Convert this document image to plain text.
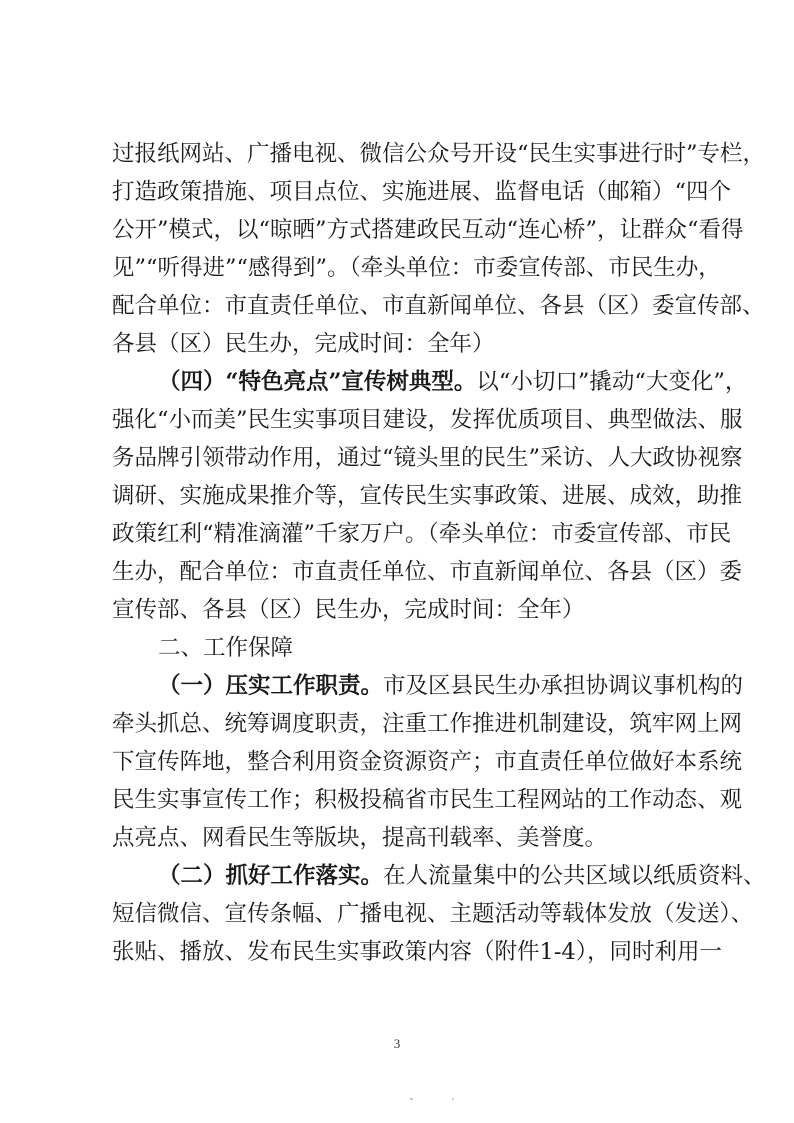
过报纸网站、广播电视、微信公众号开设“民生实事进行时”专栏，
打造政策措施、项目点位、实施进展、监督电话（邮箱）“四个
公开”模式，以“晾晒”方式搭建政民互动“连心桥”，让群众“看得
见”“听得进”“感得到”。（牵头单位：市委宣传部、市民生办，
配合单位：市直责任单位、市直新闻单位、各县（区）委宣传部、
各县（区）民生办，完成时间：全年）
（四）“特色亮点”宣传树典型。以“小切口”撬动“大变化”，
强化“小而美”民生实事项目建设，发挥优质项目、典型做法、服
务品牌引领带动作用，通过“镜头里的民生”采访、人大政协视察
调研、实施成果推介等，宣传民生实事政策、进展、成效，助推
政策红利“精准滴灌”千家万户。（牵头单位：市委宣传部、市民
生办，配合单位：市直责任单位、市直新闻单位、各县（区）委
宣传部、各县（区）民生办，完成时间：全年）
二、工作保障
（一）压实工作职责。市及区县民生办承担协调议事机构的
牵头抓总、统筹调度职责，注重工作推进机制建设，筑牢网上网
下宣传阵地，整合利用资金资源资产；市直责任单位做好本系统
民生实事宣传工作；积极投稿省市民生工程网站的工作动态、观
点亮点、网看民生等版块，提高刊载率、美誉度。
（二）抓好工作落实。在人流量集中的公共区域以纸质资料、
短信微信、宣传条幅、广播电视、主题活动等载体发放（发送）、
张贴、播放、发布民生实事政策内容（附件1-4），同时利用一
3
